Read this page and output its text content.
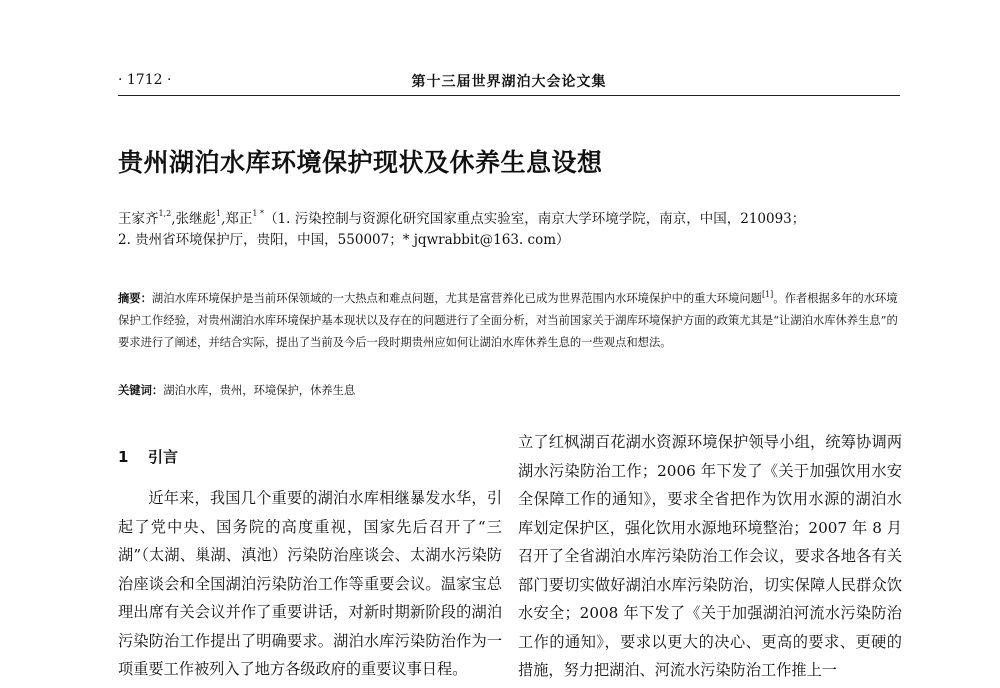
· 1712 ·	第十三届世界湖泊大会论文集
贵州湖泊水库环境保护现状及休养生息设想
王家齐$^{1,2}$,张继彪$^1$,郑正$^{1 *}$（1. 污染控制与资源化研究国家重点实验室，南京大学环境学院，南京，中国，210093；
2. 贵州省环境保护厅，贵阳，中国，550007；* jqwrabbit@163. com）
摘要：湖泊水库环境保护是当前环保领域的一大热点和难点问题，尤其是富营养化已成为世界范围内水环境保护中的重大环境问题[1]。作者根据多年的水环境保护工作经验，对贵州湖泊水库环境保护基本现状以及存在的问题进行了全面分析，对当前国家关于湖库环境保护方面的政策尤其是“让湖泊水库休养生息”的要求进行了阐述，并结合实际，提出了当前及今后一段时期贵州应如何让湖泊水库休养生息的一些观点和想法。
关键词：湖泊水库，贵州，环境保护，休养生息
1 引言
近年来，我国几个重要的湖泊水库相继暴发水华，引起了党中央、国务院的高度重视，国家先后召开了“三湖”（太湖、巢湖、滇池）污染防治座谈会、太湖水污染防治座谈会和全国湖泊污染防治工作等重要会议。温家宝总理出席有关会议并作了重要讲话，对新时期新阶段的湖泊污染防治工作提出了明确要求。湖泊水库污染防治作为一项重要工作被列入了地方各级政府的重要议事日程。
立了红枫湖百花湖水资源环境保护领导小组，统筹协调两湖水污染防治工作；2006 年下发了《关于加强饮用水安全保障工作的通知》，要求全省把作为饮用水源的湖泊水库划定保护区，强化饮用水源地环境整治；2007 年 8 月召开了全省湖泊水库污染防治工作会议，要求各地各有关部门要切实做好湖泊水库污染防治，切实保障人民群众饮水安全；2008 年下发了《关于加强湖泊河流水污染防治工作的通知》，要求以更大的决心、更高的要求、更硬的措施，努力把湖泊、河流水污染防治工作推上一
